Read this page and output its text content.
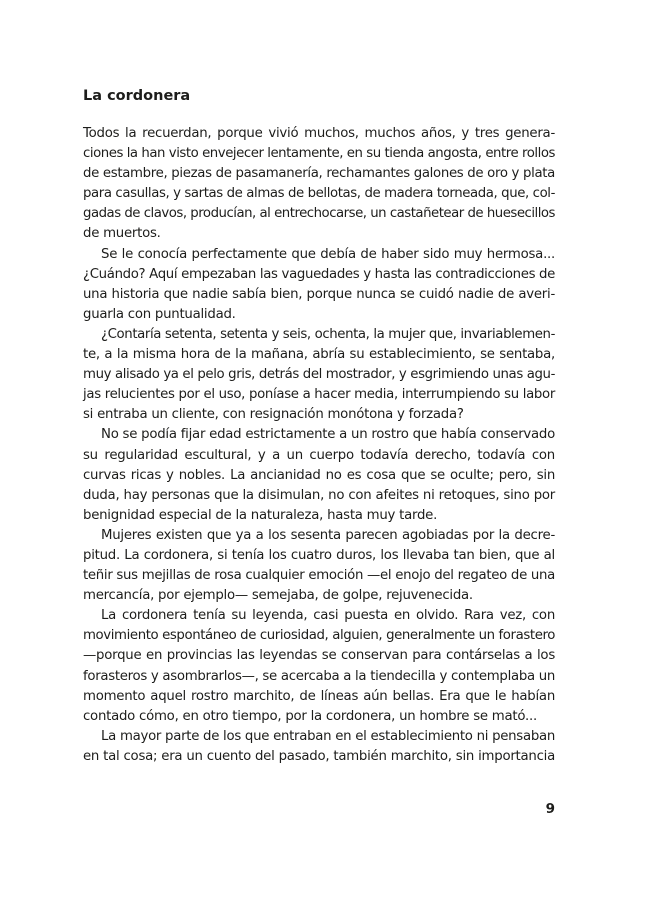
La cordonera

Todos la recuerdan, porque vivió muchos, muchos años, y tres genera-
ciones la han visto envejecer lentamente, en su tienda angosta, entre rollos
de estambre, piezas de pasamanería, rechamantes galones de oro y plata
para casullas, y sartas de almas de bellotas, de madera torneada, que, col-
gadas de clavos, producían, al entrechocarse, un castañetear de huesecillos
de muertos.

Se le conocía perfectamente que debía de haber sido muy hermosa...
¿Cuándo? Aquí empezaban las vaguedades y hasta las contradicciones de
una historia que nadie sabía bien, porque nunca se cuidó nadie de averi-
guarla con puntualidad.

¿Contaría setenta, setenta y seis, ochenta, la mujer que, invariablemen-
te, a la misma hora de la mañana, abría su establecimiento, se sentaba,
muy alisado ya el pelo gris, detrás del mostrador, y esgrimiendo unas agu-
jas relucientes por el uso, poníase a hacer media, interrumpiendo su labor
si entraba un cliente, con resignación monótona y forzada?

No se podía fijar edad estrictamente a un rostro que había conservado
su regularidad escultural, y a un cuerpo todavía derecho, todavía con
curvas ricas y nobles. La ancianidad no es cosa que se oculte; pero, sin
duda, hay personas que la disimulan, no con afeites ni retoques, sino por
benignidad especial de la naturaleza, hasta muy tarde.

Mujeres existen que ya a los sesenta parecen agobiadas por la decre-
pitud. La cordonera, si tenía los cuatro duros, los llevaba tan bien, que al
teñir sus mejillas de rosa cualquier emoción —el enojo del regateo de una
mercancía, por ejemplo— semejaba, de golpe, rejuvenecida.

La cordonera tenía su leyenda, casi puesta en olvido. Rara vez, con
movimiento espontáneo de curiosidad, alguien, generalmente un forastero
—porque en provincias las leyendas se conservan para contárselas a los
forasteros y asombrarlos—, se acercaba a la tiendecilla y contemplaba un
momento aquel rostro marchito, de líneas aún bellas. Era que le habían
contado cómo, en otro tiempo, por la cordonera, un hombre se mató...

La mayor parte de los que entraban en el establecimiento ni pensaban
en tal cosa; era un cuento del pasado, también marchito, sin importancia

9
